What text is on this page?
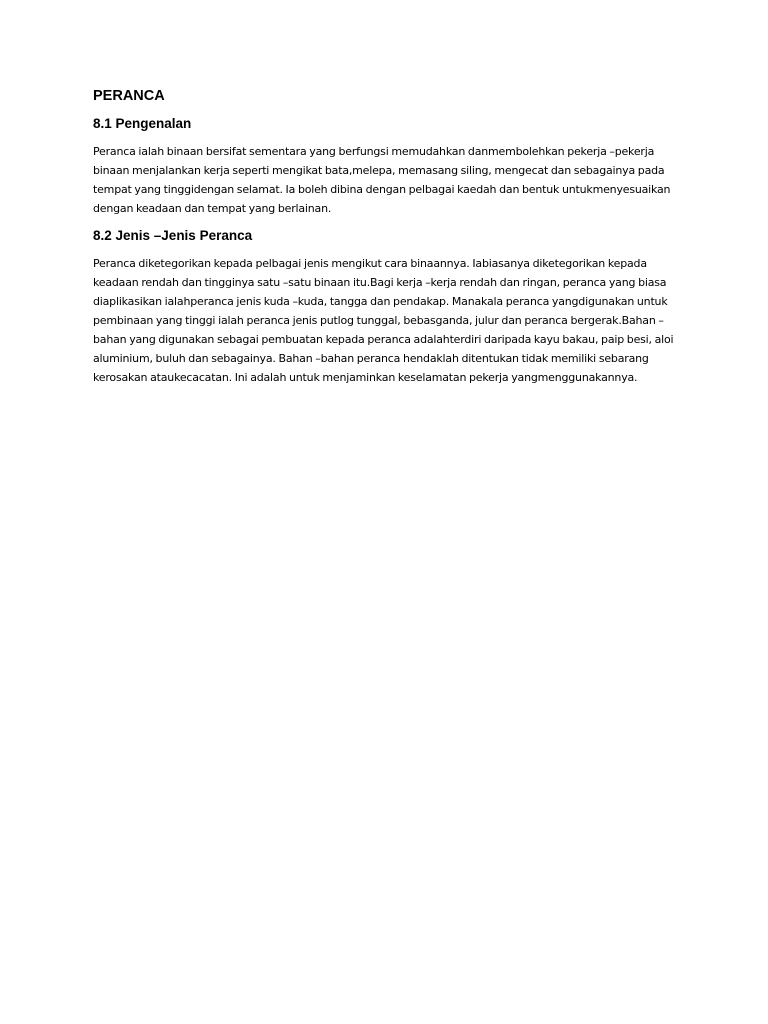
PERANCA
8.1 Pengenalan

Peranca ialah binaan bersifat sementara yang berfungsi memudahkan danmembolehkan pekerja –pekerja binaan menjalankan kerja seperti mengikat bata,melepa, memasang siling, mengecat dan sebagainya pada tempat yang tinggidengan selamat. Ia boleh dibina dengan pelbagai kaedah dan bentuk untukmenyesuaikan dengan keadaan dan tempat yang berlainan.

8.2 Jenis –Jenis Peranca

Peranca diketegorikan kepada pelbagai jenis mengikut cara binaannya. Iabiasanya diketegorikan kepada keadaan rendah dan tingginya satu –satu binaan itu.Bagi kerja –kerja rendah dan ringan, peranca yang biasa diaplikasikan ialahperanca jenis kuda –kuda, tangga dan pendakap. Manakala peranca yangdigunakan untuk pembinaan yang tinggi ialah peranca jenis putlog tunggal, bebasganda, julur dan peranca bergerak.Bahan –bahan yang digunakan sebagai pembuatan kepada peranca adalahterdiri daripada kayu bakau, paip besi, aloi aluminium, buluh dan sebagainya. Bahan –bahan peranca hendaklah ditentukan tidak memiliki sebarang kerosakan ataukecacatan. Ini adalah untuk menjaminkan keselamatan pekerja yangmenggunakannya.
